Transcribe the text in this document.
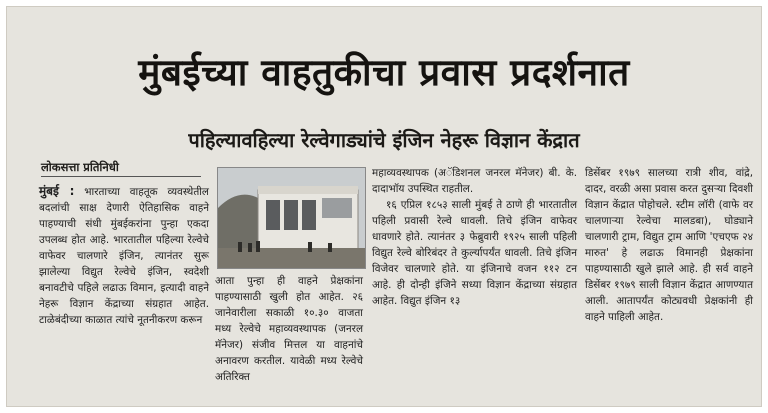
मुंबईच्या वाहतुकीचा प्रवास प्रदर्शनात
पहिल्यावहिल्या रेल्वेगाड्यांचे इंजिन नेहरू विज्ञान केंद्रात
लोकसत्ता प्रतिनिधी

मुंबई : भारताच्या वाहतूक व्यवस्थेतील बदलांची साक्ष देणारी ऐतिहासिक वाहने पाहण्याची संधी मुंबईकरांना पुन्हा एकदा उपलब्ध होत आहे. भारतातील पहिल्या रेल्वेचे वाफेवर चालणारे इंजिन, त्यानंतर सुरू झालेल्या विद्युत रेल्वेचे इंजिन, स्वदेशी बनावटीचे पहिले लढाऊ विमान, इत्यादी वाहने नेहरू विज्ञान केंद्राच्या संग्रहात आहेत. टाळेबंदीच्या काळात त्यांचे नूतनीकरण करून

आता पुन्हा ही वाहने प्रेक्षकांना पाहण्यासाठी खुली होत आहेत. २६ जानेवारीला सकाळी १०.३० वाजता मध्य रेल्वेचे महाव्यवस्थापक (जनरल मॅनेजर) संजीव मित्तल या वाहनांचे अनावरण करतील. यावेळी मध्य रेल्वेचे अतिरिक्त

महाव्यवस्थापक (अॅडिशनल जनरल मॅनेजर) बी. के. दादाभॉय उपस्थित राहतील.

१६ एप्रिल १८५३ साली मुंबई ते ठाणे ही भारतातील पहिली प्रवासी रेल्वे धावली. तिचे इंजिन वाफेवर धावणारे होते. त्यानंतर ३ फेब्रुवारी १९२५ साली पहिली विद्युत रेल्वे बोरिबंदर ते कुर्ल्यापर्यंत धावली. तिचे इंजिन विजेवर चालणारे होते. या इंजिनाचे वजन ११२ टन आहे. ही दोन्ही इंजिने सध्या विज्ञान केंद्राच्या संग्रहात आहेत. विद्युत इंजिन १३

डिसेंबर १९७९ सालच्या रात्री शीव, वांद्रे, दादर, वरळी असा प्रवास करत दुसऱ्या दिवशी विज्ञान केंद्रात पोहोचले. स्टीम लॉरी (वाफे वर चालणाऱ्या रेल्वेचा मालडबा), घोड्याने चालणारी ट्राम, विद्युत ट्राम आणि 'एचएफ २४ मारुत' हे लढाऊ विमानही प्रेक्षकांना पाहण्यासाठी खुले झाले आहे. ही सर्व वाहने डिसेंबर १९७९ साली विज्ञान केंद्रात आणण्यात आली. आतापर्यंत कोट्यवधी प्रेक्षकांनी ही वाहने पाहिली आहेत.
